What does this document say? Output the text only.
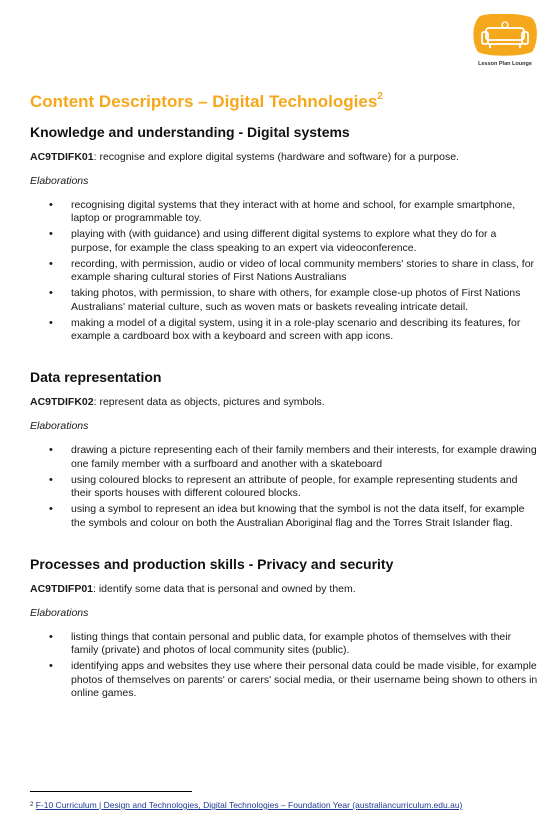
Lesson Plan Lounge
Content Descriptors – Digital Technologies$^2$
Knowledge and understanding - Digital systems

AC9TDIFK01: recognise and explore digital systems (hardware and software) for a purpose.

Elaborations

• recognising digital systems that they interact with at home and school, for example smartphone, laptop or programmable toy.
• playing with (with guidance) and using different digital systems to explore what they do for a purpose, for example the class speaking to an expert via videoconference.
• recording, with permission, audio or video of local community members' stories to share in class, for example sharing cultural stories of First Nations Australians
• taking photos, with permission, to share with others, for example close-up photos of First Nations Australians' material culture, such as woven mats or baskets revealing intricate detail.
• making a model of a digital system, using it in a role-play scenario and describing its features, for example a cardboard box with a keyboard and screen with app icons.
Data representation

AC9TDIFK02: represent data as objects, pictures and symbols.

Elaborations

• drawing a picture representing each of their family members and their interests, for example drawing one family member with a surfboard and another with a skateboard
• using coloured blocks to represent an attribute of people, for example representing students and their sports houses with different coloured blocks.
• using a symbol to represent an idea but knowing that the symbol is not the data itself, for example the symbols and colour on both the Australian Aboriginal flag and the Torres Strait Islander flag.
Processes and production skills - Privacy and security

AC9TDIFP01: identify some data that is personal and owned by them.

Elaborations

• listing things that contain personal and public data, for example photos of themselves with their family (private) and photos of local community sites (public).
• identifying apps and websites they use where their personal data could be made visible, for example photos of themselves on parents' or carers' social media, or their username being shown to others in online games.
$^2$ F-10 Curriculum | Design and Technologies, Digital Technologies – Foundation Year (australiancurriculum.edu.au)
